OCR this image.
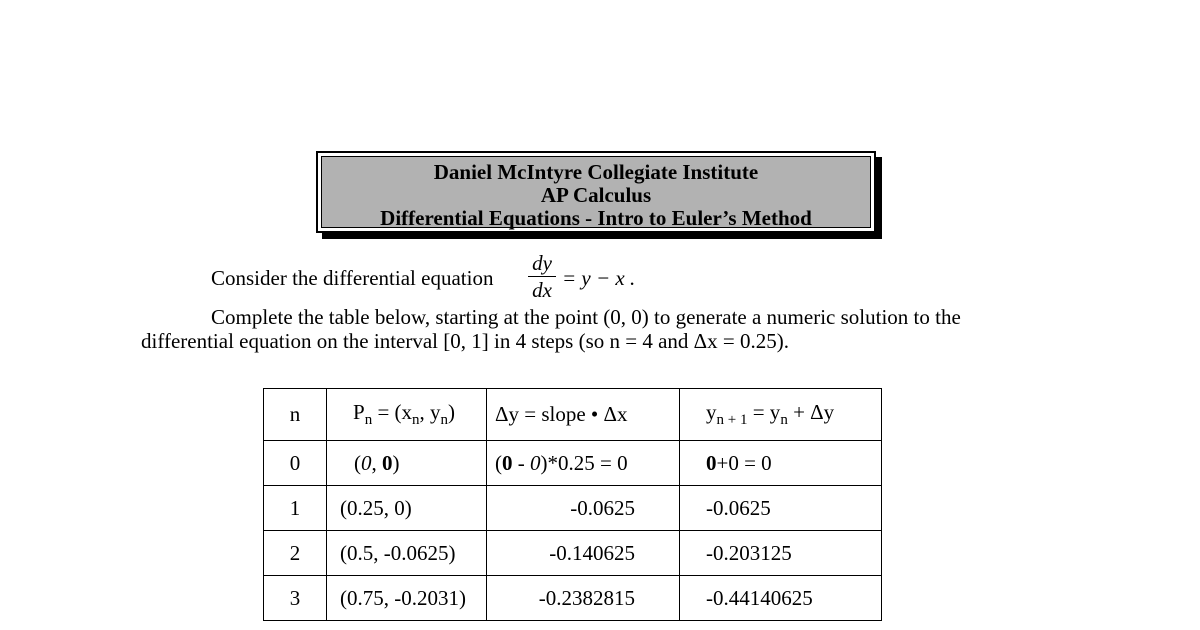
Daniel McIntyre Collegiate Institute
AP Calculus
Differential Equations - Intro to Euler’s Method
Consider the differential equation
dy
dx = y − x .
Complete the table below, starting at the point (0, 0) to generate a numeric solution to the
differential equation on the interval [0, 1] in 4 steps (so n = 4 and Δx = 0.25).
n	$P_n = (x_n$, $y_n$)	Δy = slope • Δx	$y_{n + 1} = y_n + \Delta y$
0	(0, 0)	(0 - 0)*0.25 = 0	0+0 = 0
1	(0.25, 0)	-0.0625	-0.0625
2	(0.5, -0.0625)	-0.140625	-0.203125
3	(0.75, -0.2031)	-0.2382815	-0.44140625
